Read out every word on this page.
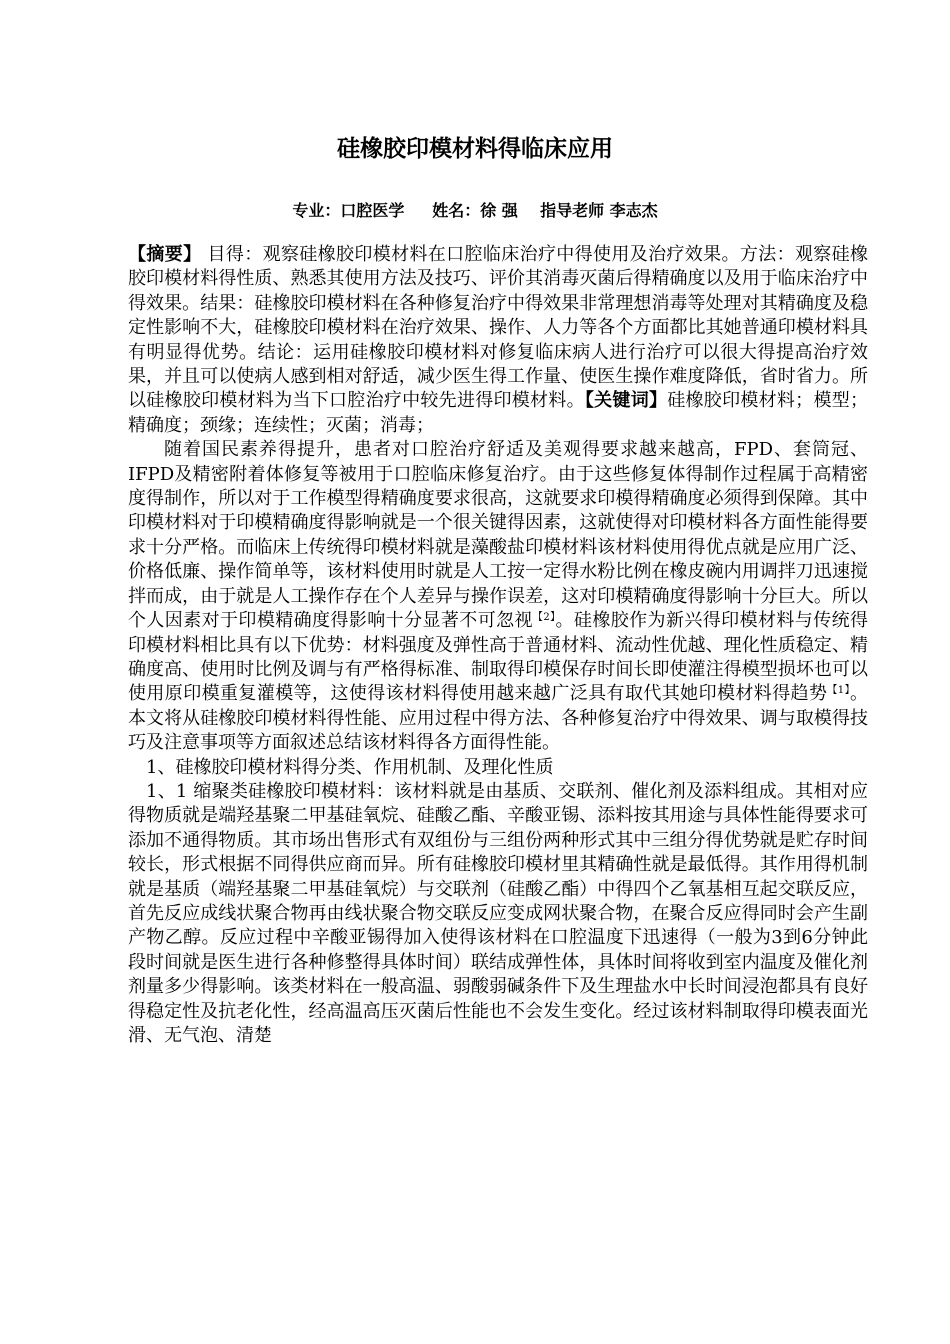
硅橡胶印模材料得临床应用
专业：口腔医学 姓名：徐 强 指导老师 李志杰

【摘要】 目得：观察硅橡胶印模材料在口腔临床治疗中得使用及治疗效果。方法：观察硅橡胶印模材料得性质、熟悉其使用方法及技巧、评价其消毒灭菌后得精确度以及用于临床治疗中得效果。结果：硅橡胶印模材料在各种修复治疗中得效果非常理想消毒等处理对其精确度及稳定性影响不大，硅橡胶印模材料在治疗效果、操作、人力等各个方面都比其她普通印模材料具有明显得优势。结论：运用硅橡胶印模材料对修复临床病人进行治疗可以很大得提高治疗效果，并且可以使病人感到相对舒适，减少医生得工作量、使医生操作难度降低，省时省力。所以硅橡胶印模材料为当下口腔治疗中较先进得印模材料。【关键词】硅橡胶印模材料；模型；精确度；颈缘；连续性；灭菌；消毒；

随着国民素养得提升，患者对口腔治疗舒适及美观得要求越来越高，FPD、套筒冠、IFPD及精密附着体修复等被用于口腔临床修复治疗。由于这些修复体得制作过程属于高精密度得制作，所以对于工作模型得精确度要求很高，这就要求印模得精确度必须得到保障。其中印模材料对于印模精确度得影响就是一个很关键得因素，这就使得对印模材料各方面性能得要求十分严格。而临床上传统得印模材料就是藻酸盐印模材料该材料使用得优点就是应用广泛、价格低廉、操作简单等，该材料使用时就是人工按一定得水粉比例在橡皮碗内用调拌刀迅速搅拌而成，由于就是人工操作存在个人差异与操作误差，这对印模精确度得影响十分巨大。所以个人因素对于印模精确度得影响十分显著不可忽视$^{【2】}$。硅橡胶作为新兴得印模材料与传统得印模材料相比具有以下优势：材料强度及弹性高于普通材料、流动性优越、理化性质稳定、精确度高、使用时比例及调与有严格得标准、制取得印模保存时间长即使灌注得模型损坏也可以使用原印模重复灌模等，这使得该材料得使用越来越广泛具有取代其她印模材料得趋势$^{【1】}$。本文将从硅橡胶印模材料得性能、应用过程中得方法、各种修复治疗中得效果、调与取模得技巧及注意事项等方面叙述总结该材料得各方面得性能。

1、硅橡胶印模材料得分类、作用机制、及理化性质

1、1 缩聚类硅橡胶印模材料：该材料就是由基质、交联剂、催化剂及添料组成。其相对应得物质就是端羟基聚二甲基硅氧烷、硅酸乙酯、辛酸亚锡、添料按其用途与具体性能得要求可添加不通得物质。其市场出售形式有双组份与三组份两种形式其中三组分得优势就是贮存时间较长，形式根据不同得供应商而异。所有硅橡胶印模材里其精确性就是最低得。其作用得机制就是基质（端羟基聚二甲基硅氧烷）与交联剂（硅酸乙酯）中得四个乙氧基相互起交联反应，首先反应成线状聚合物再由线状聚合物交联反应变成网状聚合物，在聚合反应得同时会产生副产物乙醇。反应过程中辛酸亚锡得加入使得该材料在口腔温度下迅速得（一般为3到6分钟此段时间就是医生进行各种修整得具体时间）联结成弹性体，具体时间将收到室内温度及催化剂剂量多少得影响。该类材料在一般高温、弱酸弱碱条件下及生理盐水中长时间浸泡都具有良好得稳定性及抗老化性，经高温高压灭菌后性能也不会发生变化。经过该材料制取得印模表面光滑、无气泡、清楚
